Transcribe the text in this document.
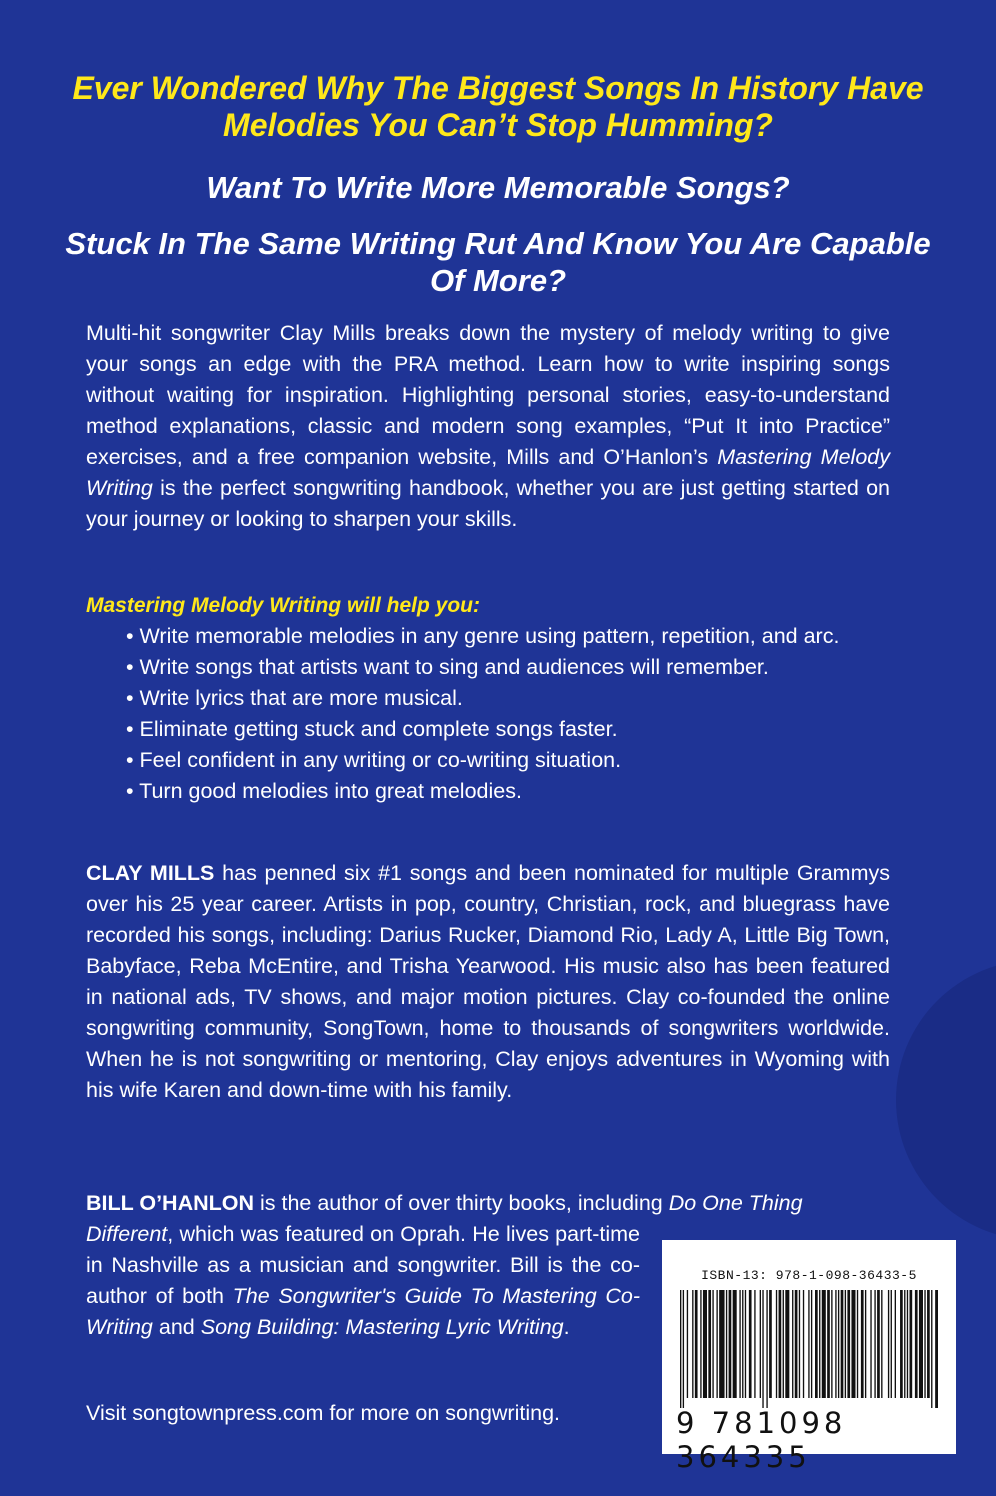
Ever Wondered Why The Biggest Songs In History Have Melodies You Can’t Stop Humming?

Want To Write More Memorable Songs?

Stuck In The Same Writing Rut And Know You Are Capable Of More?

Multi-hit songwriter Clay Mills breaks down the mystery of melody writing to give your songs an edge with the PRA method. Learn how to write inspiring songs without waiting for inspiration. Highlighting personal stories, easy-to-understand method explanations, classic and modern song examples, “Put It into Practice” exercises, and a free companion website, Mills and O’Hanlon’s Mastering Melody Writing is the perfect songwriting handbook, whether you are just getting started on your journey or looking to sharpen your skills.

Mastering Melody Writing will help you:

• Write memorable melodies in any genre using pattern, repetition, and arc.
• Write songs that artists want to sing and audiences will remember.
• Write lyrics that are more musical.
• Eliminate getting stuck and complete songs faster.
• Feel confident in any writing or co-writing situation.
• Turn good melodies into great melodies.

CLAY MILLS has penned six #1 songs and been nominated for multiple Grammys over his 25 year career. Artists in pop, country, Christian, rock, and bluegrass have recorded his songs, including: Darius Rucker, Diamond Rio, Lady A, Little Big Town, Babyface, Reba McEntire, and Trisha Yearwood. His music also has been featured in national ads, TV shows, and major motion pictures. Clay co-founded the online songwriting community, SongTown, home to thousands of songwriters worldwide. When he is not songwriting or mentoring, Clay enjoys adventures in Wyoming with his wife Karen and down-time with his family.

BILL O’HANLON is the author of over thirty books, including Do One Thing

Different, which was featured on Oprah. He lives part-time in Nashville as a musician and songwriter. Bill is the co-author of both The Songwriter's Guide To Mastering Co-Writing and Song Building: Mastering Lyric Writing.

Visit songtownpress.com for more on songwriting.

ISBN-13: 978-1-098-36433-5
9 781098 364335
